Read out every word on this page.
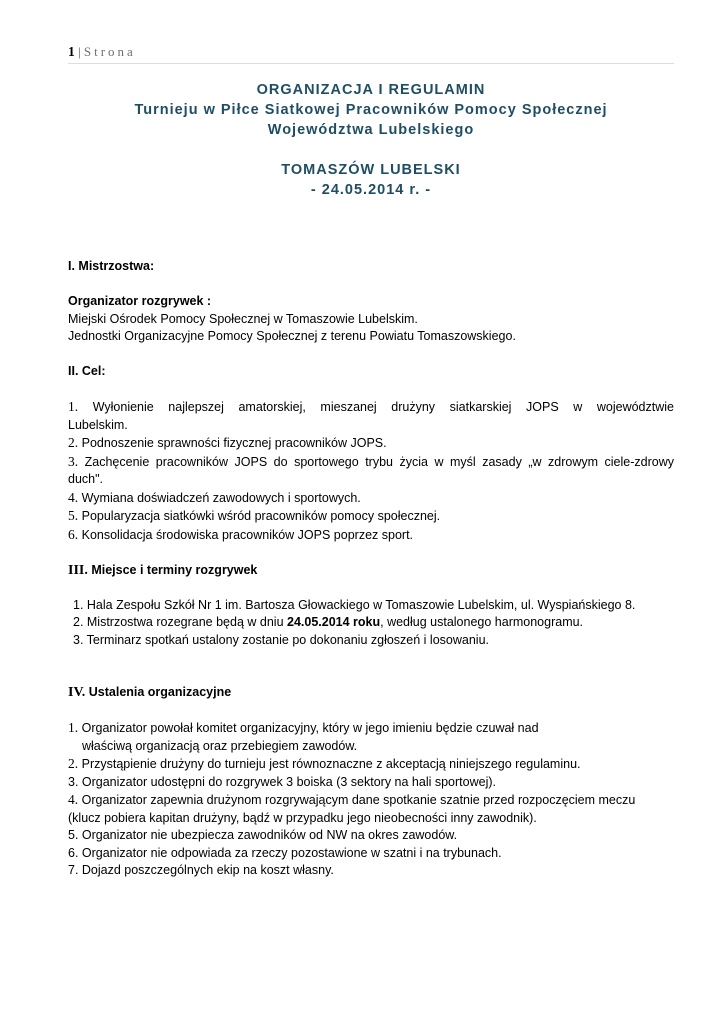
1 | Strona
ORGANIZACJA I REGULAMIN
Turnieju w Piłce Siatkowej Pracowników Pomocy Społecznej
Województwa Lubelskiego
TOMASZÓW LUBELSKI
- 24.05.2014 r. -

I. Mistrzostwa:

Organizator rozgrywek :

Miejski Ośrodek Pomocy Społecznej w Tomaszowie Lubelskim.

Jednostki Organizacyjne Pomocy Społecznej z terenu Powiatu Tomaszowskiego.

II. Cel:

1. Wyłonienie najlepszej amatorskiej, mieszanej drużyny siatkarskiej JOPS w województwie

Lubelskim.

2. Podnoszenie sprawności fizycznej pracowników JOPS.

3. Zachęcenie pracowników JOPS do sportowego trybu życia w myśl zasady „w zdrowym ciele-zdrowy

duch".

4. Wymiana doświadczeń zawodowych i sportowych.

5. Popularyzacja siatkówki wśród pracowników pomocy społecznej.

6. Konsolidacja środowiska pracowników JOPS poprzez sport.

III. Miejsce i terminy rozgrywek

1. Hala Zespołu Szkół Nr 1 im. Bartosza Głowackiego w Tomaszowie Lubelskim, ul. Wyspiańskiego 8.

2. Mistrzostwa rozegrane będą w dniu 24.05.2014 roku, według ustalonego harmonogramu.

3. Terminarz spotkań ustalony zostanie po dokonaniu zgłoszeń i losowaniu.

IV. Ustalenia organizacyjne

1. Organizator powołał komitet organizacyjny, który w jego imieniu będzie czuwał nad

właściwą organizacją oraz przebiegiem zawodów.

2. Przystąpienie drużyny do turnieju jest równoznaczne z akceptacją niniejszego regulaminu.

3. Organizator udostępni do rozgrywek 3 boiska (3 sektory na hali sportowej).

4. Organizator zapewnia drużynom rozgrywającym dane spotkanie szatnie przed rozpoczęciem meczu

(klucz pobiera kapitan drużyny, bądź w przypadku jego nieobecności inny zawodnik).

5. Organizator nie ubezpiecza zawodników od NW na okres zawodów.

6. Organizator nie odpowiada za rzeczy pozostawione w szatni i na trybunach.

7. Dojazd poszczególnych ekip na koszt własny.
